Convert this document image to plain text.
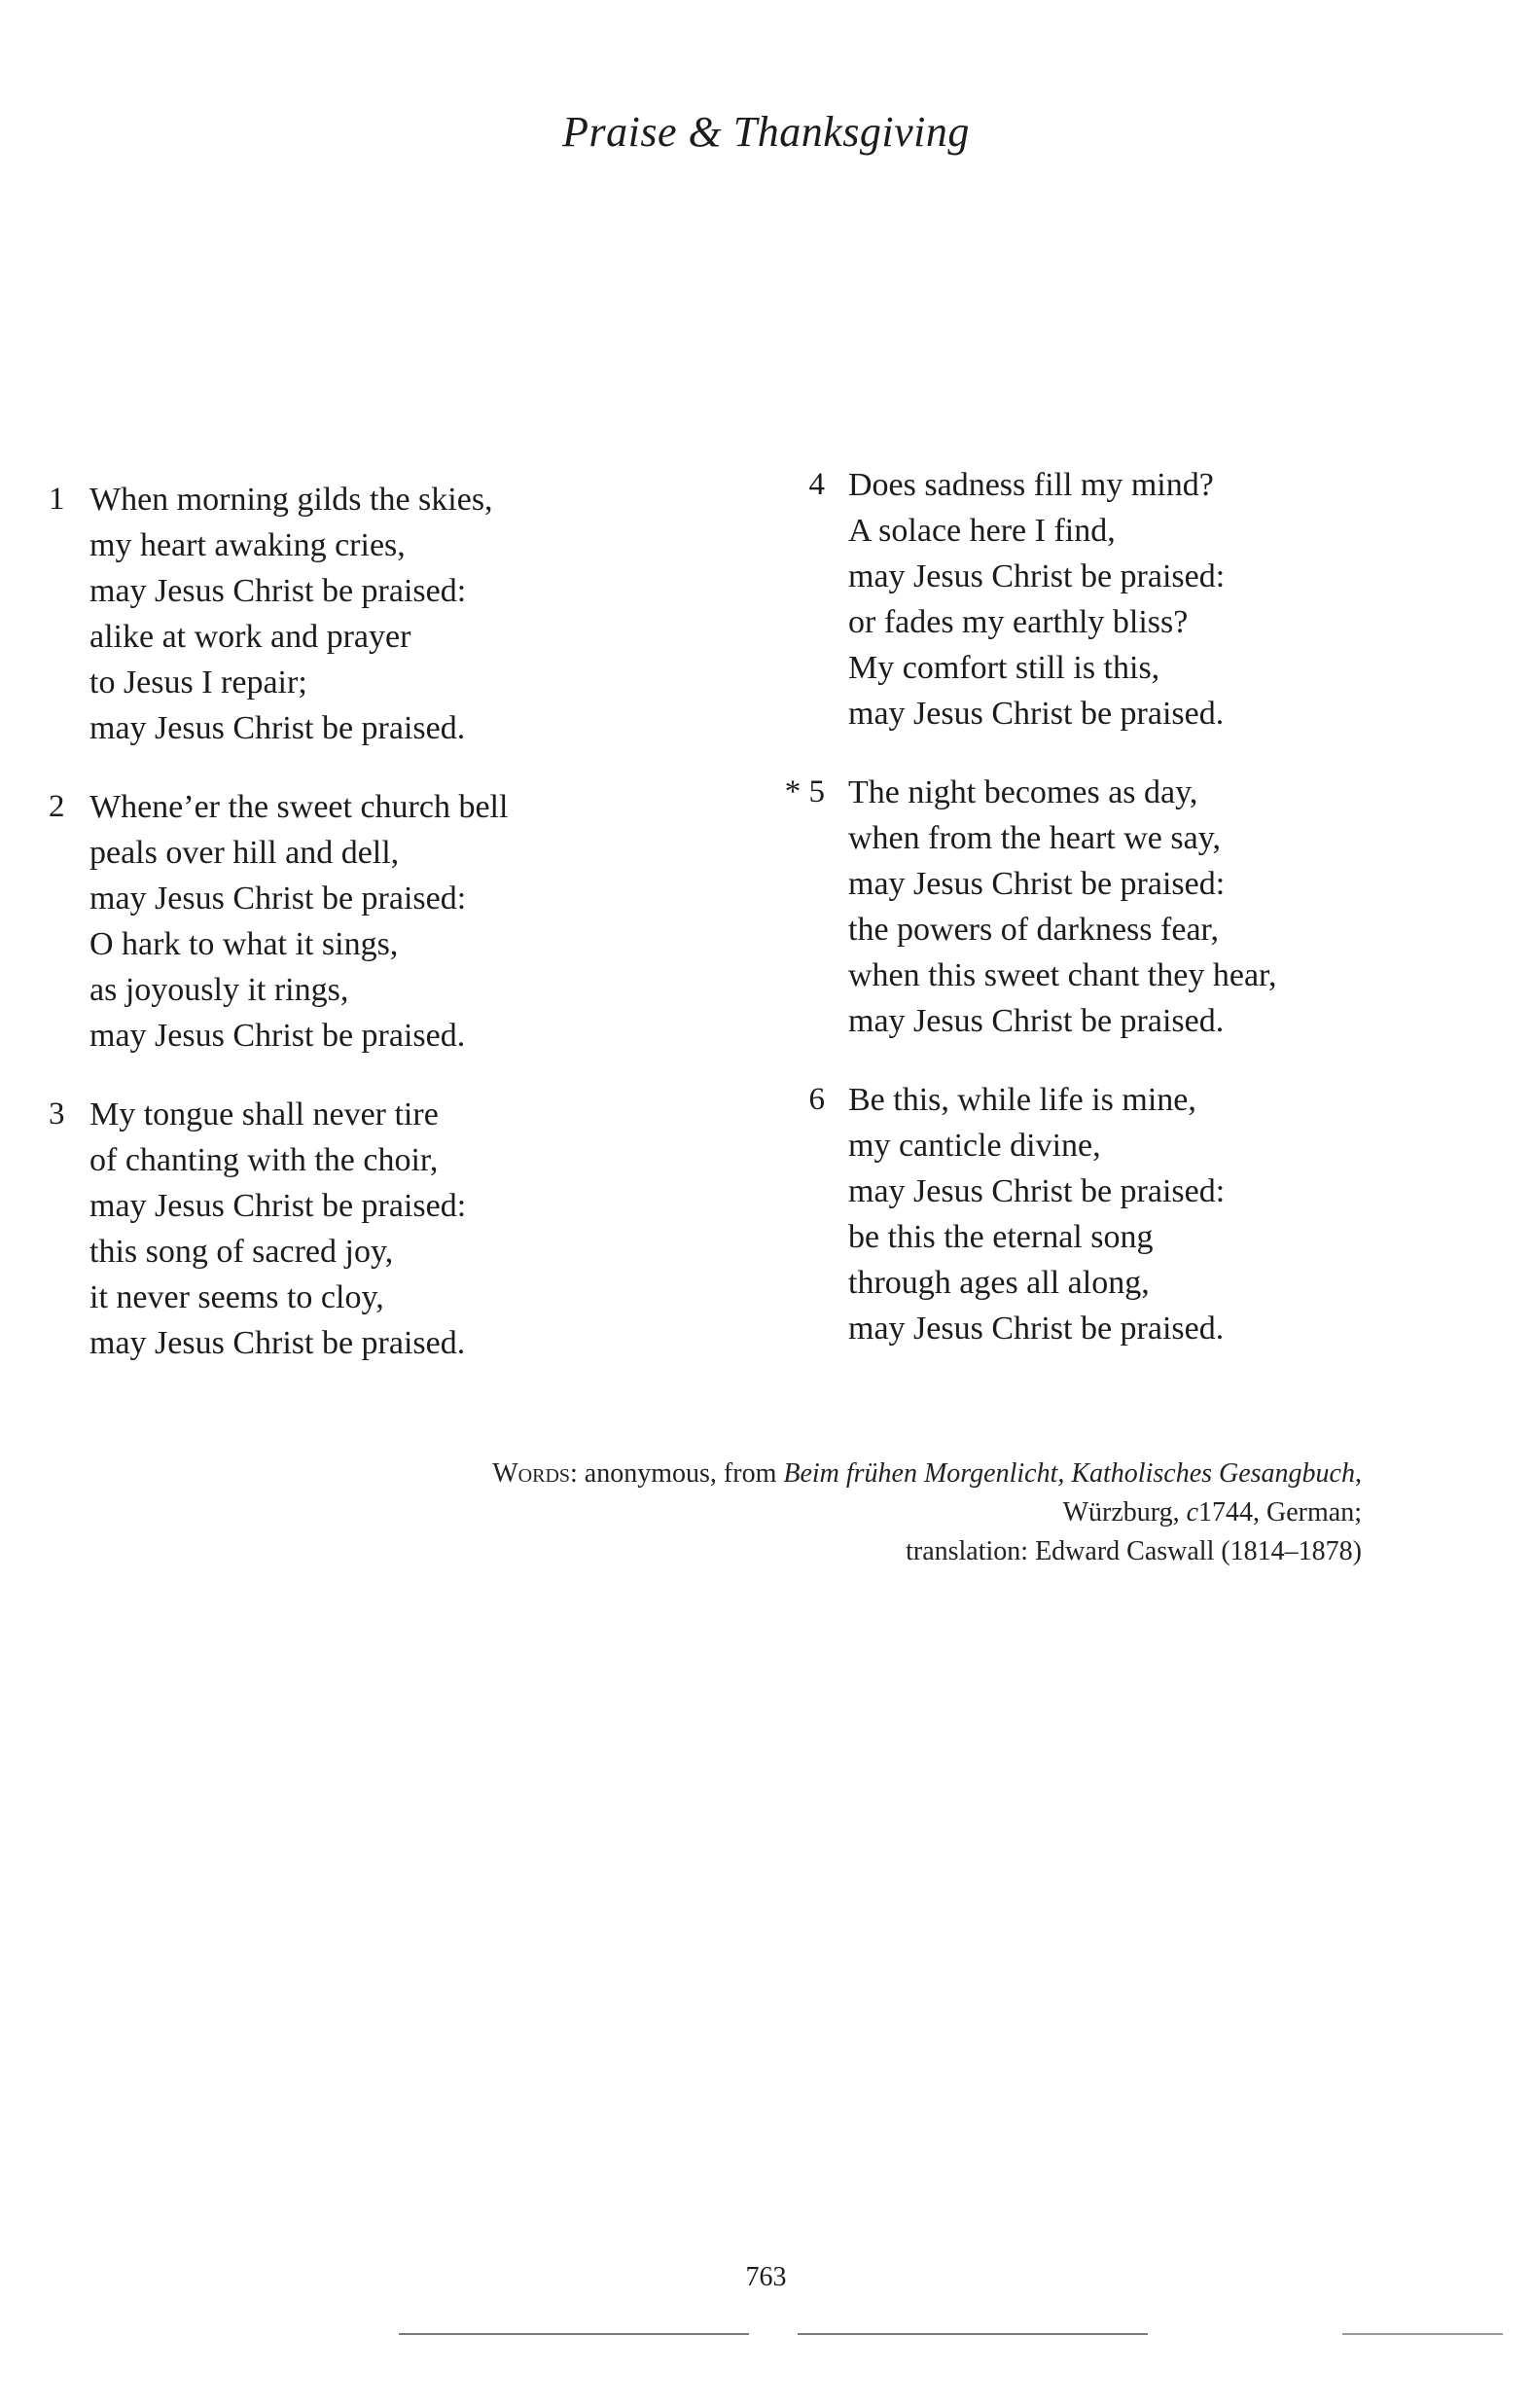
Praise & Thanksgiving
1 When morning gilds the skies,
my heart awaking cries,
may Jesus Christ be praised:
alike at work and prayer
to Jesus I repair;
may Jesus Christ be praised.
2 Whene’er the sweet church bell
peals over hill and dell,
may Jesus Christ be praised:
O hark to what it sings,
as joyously it rings,
may Jesus Christ be praised.
3 My tongue shall never tire
of chanting with the choir,
may Jesus Christ be praised:
this song of sacred joy,
it never seems to cloy,
may Jesus Christ be praised.
4 Does sadness fill my mind?
A solace here I find,
may Jesus Christ be praised:
or fades my earthly bliss?
My comfort still is this,
may Jesus Christ be praised.
* 5 The night becomes as day,
when from the heart we say,
may Jesus Christ be praised:
the powers of darkness fear,
when this sweet chant they hear,
may Jesus Christ be praised.
6 Be this, while life is mine,
my canticle divine,
may Jesus Christ be praised:
be this the eternal song
through ages all along,
may Jesus Christ be praised.
Words: anonymous, from Beim frühen Morgenlicht, Katholisches Gesangbuch,
Würzburg, c1744, German;
translation: Edward Caswall (1814–1878)
763
